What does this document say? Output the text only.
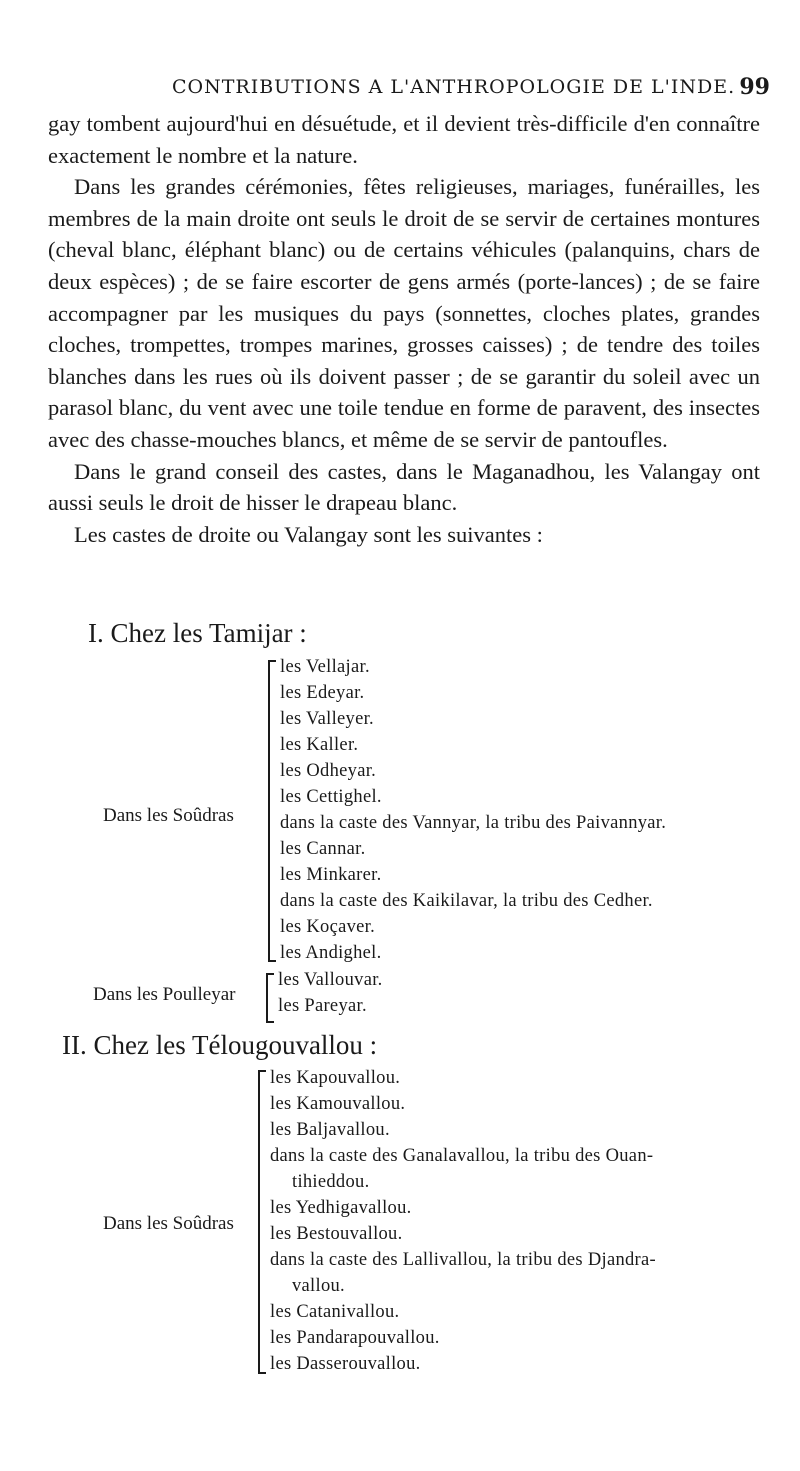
CONTRIBUTIONS A L'ANTHROPOLOGIE DE L'INDE. 99

gay tombent aujourd'hui en désuétude, et il devient très-difficile d'en connaître exactement le nombre et la nature.

Dans les grandes cérémonies, fêtes religieuses, mariages, funérailles, les membres de la main droite ont seuls le droit de se servir de certaines montures (cheval blanc, éléphant blanc) ou de certains véhicules (palanquins, chars de deux espèces) ; de se faire escorter de gens armés (porte-lances) ; de se faire accompagner par les musiques du pays (sonnettes, cloches plates, grandes cloches, trompettes, trompes marines, grosses caisses) ; de tendre des toiles blanches dans les rues où ils doivent passer ; de se garantir du soleil avec un parasol blanc, du vent avec une toile tendue en forme de paravent, des insectes avec des chasse-mouches blancs, et même de se servir de pantoufles.

Dans le grand conseil des castes, dans le Maganadhou, les Valangay ont aussi seuls le droit de hisser le drapeau blanc.

Les castes de droite ou Valangay sont les suivantes :

I. Chez les Tamijar :
Dans les Soûdras
les Vellajar.
les Edeyar.
les Valleyer.
les Kaller.
les Odheyar.
les Cettighel.
dans la caste des Vannyar, la tribu des Paivannyar.
les Cannar.
les Minkarer.
dans la caste des Kaikilavar, la tribu des Cedher.
les Koçaver.
les Andighel.
Dans les Poulleyar
les Vallouvar.
les Pareyar.
II. Chez les Télougouvallou :
Dans les Soûdras
les Kapouvallou.
les Kamouvallou.
les Baljavallou.
dans la caste des Ganalavallou, la tribu des Ouan-
tihieddou.
les Yedhigavallou.
les Bestouvallou.
dans la caste des Lallivallou, la tribu des Djandra-
vallou.
les Catanivallou.
les Pandarapouvallou.
les Dasserouvallou.
